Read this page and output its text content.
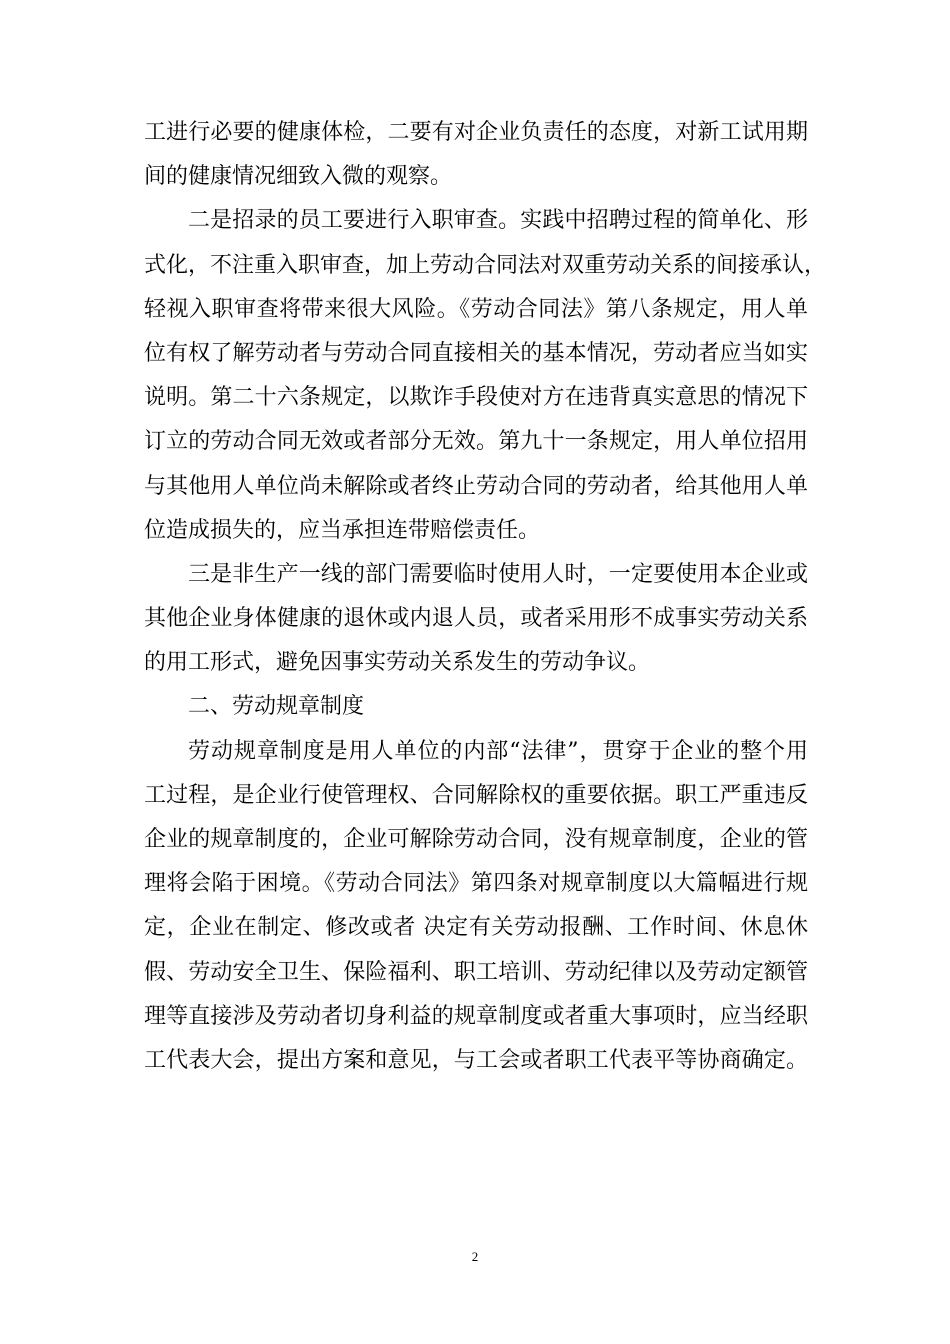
工进行必要的健康体检，二要有对企业负责任的态度，对新工试用期
间的健康情况细致入微的观察。
二是招录的员工要进行入职审查。实践中招聘过程的简单化、形
式化，不注重入职审查，加上劳动合同法对双重劳动关系的间接承认，
轻视入职审查将带来很大风险。《劳动合同法》第八条规定，用人单
位有权了解劳动者与劳动合同直接相关的基本情况，劳动者应当如实
说明。第二十六条规定，以欺诈手段使对方在违背真实意思的情况下
订立的劳动合同无效或者部分无效。第九十一条规定，用人单位招用
与其他用人单位尚未解除或者终止劳动合同的劳动者，给其他用人单
位造成损失的，应当承担连带赔偿责任。
三是非生产一线的部门需要临时使用人时，一定要使用本企业或
其他企业身体健康的退休或内退人员，或者采用形不成事实劳动关系
的用工形式，避免因事实劳动关系发生的劳动争议。
二、劳动规章制度
劳动规章制度是用人单位的内部“法律”，贯穿于企业的整个用
工过程，是企业行使管理权、合同解除权的重要依据。职工严重违反
企业的规章制度的，企业可解除劳动合同，没有规章制度，企业的管
理将会陷于困境。《劳动合同法》第四条对规章制度以大篇幅进行规
定，企业在制定、修改或者 决定有关劳动报酬、工作时间、休息休
假、劳动安全卫生、保险福利、职工培训、劳动纪律以及劳动定额管
理等直接涉及劳动者切身利益的规章制度或者重大事项时，应当经职
工代表大会，提出方案和意见，与工会或者职工代表平等协商确定。
2
